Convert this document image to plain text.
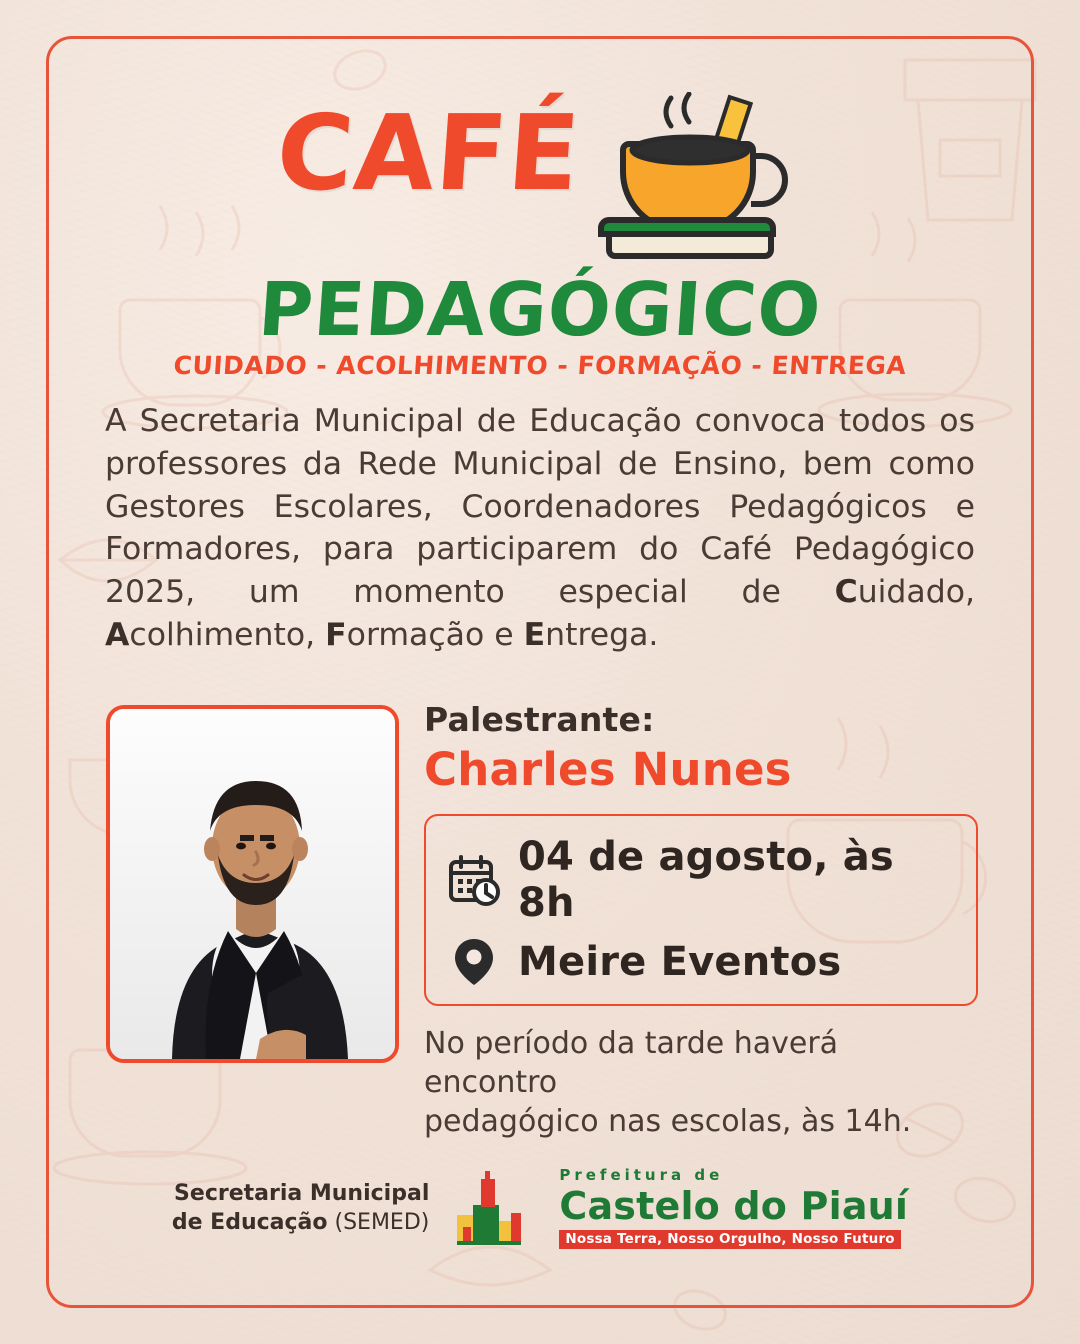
CAFÉ
PEDAGÓGICO
CUIDADO - ACOLHIMENTO - FORMAÇÃO - ENTREGA
A Secretaria Municipal de Educação convoca todos os professores da Rede Municipal de Ensino, bem como Gestores Escolares, Coordenadores Pedagógicos e Formadores, para participarem do Café Pedagógico 2025, um momento especial de Cuidado, Acolhimento, Formação e Entrega.
Palestrante:
Charles Nunes
04 de agosto, às 8h
Meire Eventos
No período da tarde haverá encontro
pedagógico nas escolas, às 14h.
Secretaria Municipal
de Educação (SEMED)
Prefeitura de
Castelo do Piauí
Nossa Terra, Nosso Orgulho, Nosso Futuro
